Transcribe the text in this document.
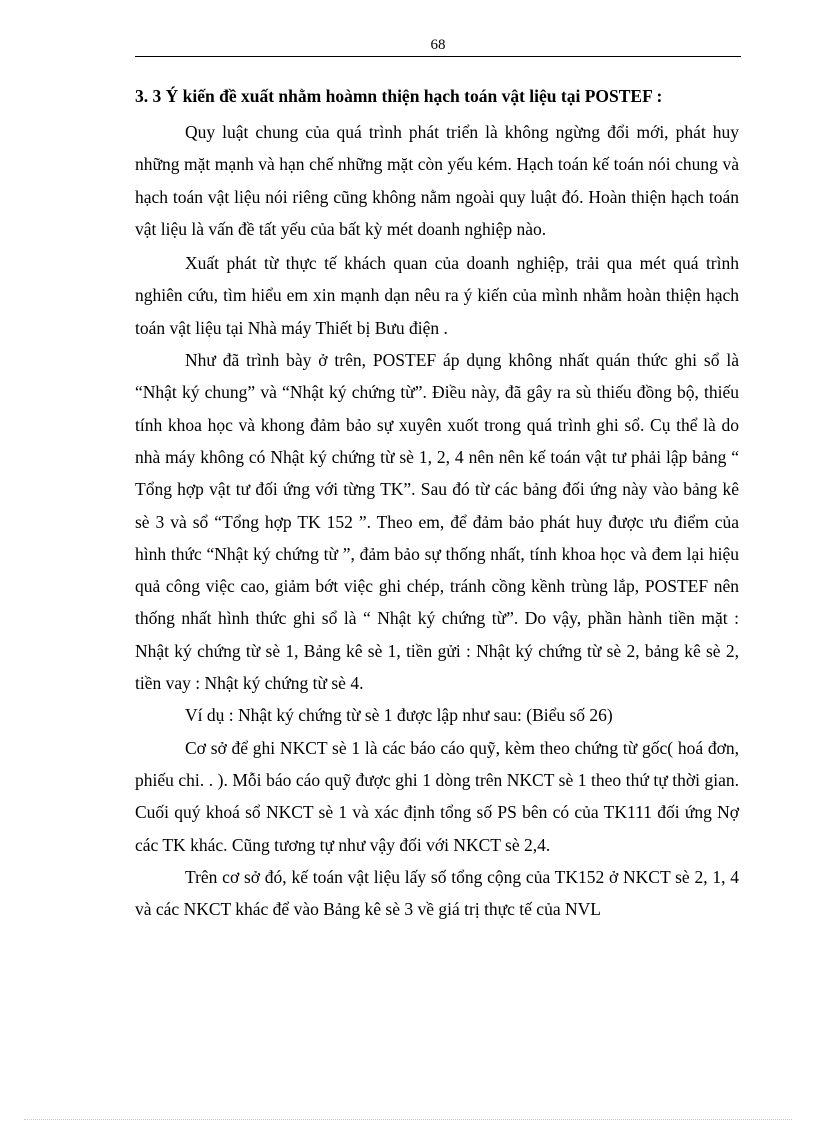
68

3. 3 Ý kiến đề xuất nhằm hoàmn thiện hạch toán vật liệu tại POSTEF :

Quy luật chung của quá trình phát triển là không ngừng đổi mới, phát huy những mặt mạnh và hạn chế những mặt còn yếu kém. Hạch toán kế toán nói chung và hạch toán vật liệu nói riêng cũng không nằm ngoài quy luật đó. Hoàn thiện hạch toán vật liệu là vấn đề tất yếu của bất kỳ mét doanh nghiệp nào.

Xuất phát từ thực tế khách quan của doanh nghiệp, trải qua mét quá trình nghiên cứu, tìm hiểu em xin mạnh dạn nêu ra ý kiến của mình nhằm hoàn thiện hạch toán vật liệu tại Nhà máy Thiết bị Bưu điện .

Như đã trình bày ở trên, POSTEF áp dụng không nhất quán thức ghi sổ là “Nhật ký chung” và “Nhật ký chứng từ”. Điều này, đã gây ra sù thiếu đồng bộ, thiếu tính khoa học và khong đảm bảo sự xuyên xuốt trong quá trình ghi sổ. Cụ thể là do nhà máy không có Nhật ký chứng từ sè 1, 2, 4 nên nên kế toán vật tư phải lập bảng “ Tổng hợp vật tư đối ứng với từng TK”. Sau đó từ các bảng đối ứng này vào bảng kê sè 3 và sổ “Tổng hợp TK 152 ”. Theo em, để đảm bảo phát huy được ưu điểm của hình thức “Nhật ký chứng từ ”, đảm bảo sự thống nhất, tính khoa học và đem lại hiệu quả công việc cao, giảm bớt việc ghi chép, tránh cồng kềnh trùng lắp, POSTEF nên thống nhất hình thức ghi sổ là “ Nhật ký chứng từ”. Do vậy, phần hành tiền mặt : Nhật ký chứng từ sè 1, Bảng kê sè 1, tiền gửi : Nhật ký chứng từ sè 2, bảng kê sè 2, tiền vay : Nhật ký chứng từ sè 4.

Ví dụ : Nhật ký chứng từ sè 1 được lập như sau: (Biểu số 26)

Cơ sở để ghi NKCT sè 1 là các báo cáo quỹ, kèm theo chứng từ gốc( hoá đơn, phiếu chi. . ). Mỗi báo cáo quỹ được ghi 1 dòng trên NKCT sè 1 theo thứ tự thời gian. Cuối quý khoá sổ NKCT sè 1 và xác định tổng số PS bên có của TK111 đối ứng Nợ các TK khác. Cũng tương tự như vậy đối với NKCT sè 2,4.

Trên cơ sở đó, kế toán vật liệu lấy số tổng cộng của TK152 ở NKCT sè 2, 1, 4 và các NKCT khác để vào Bảng kê sè 3 về giá trị thực tế của NVL
